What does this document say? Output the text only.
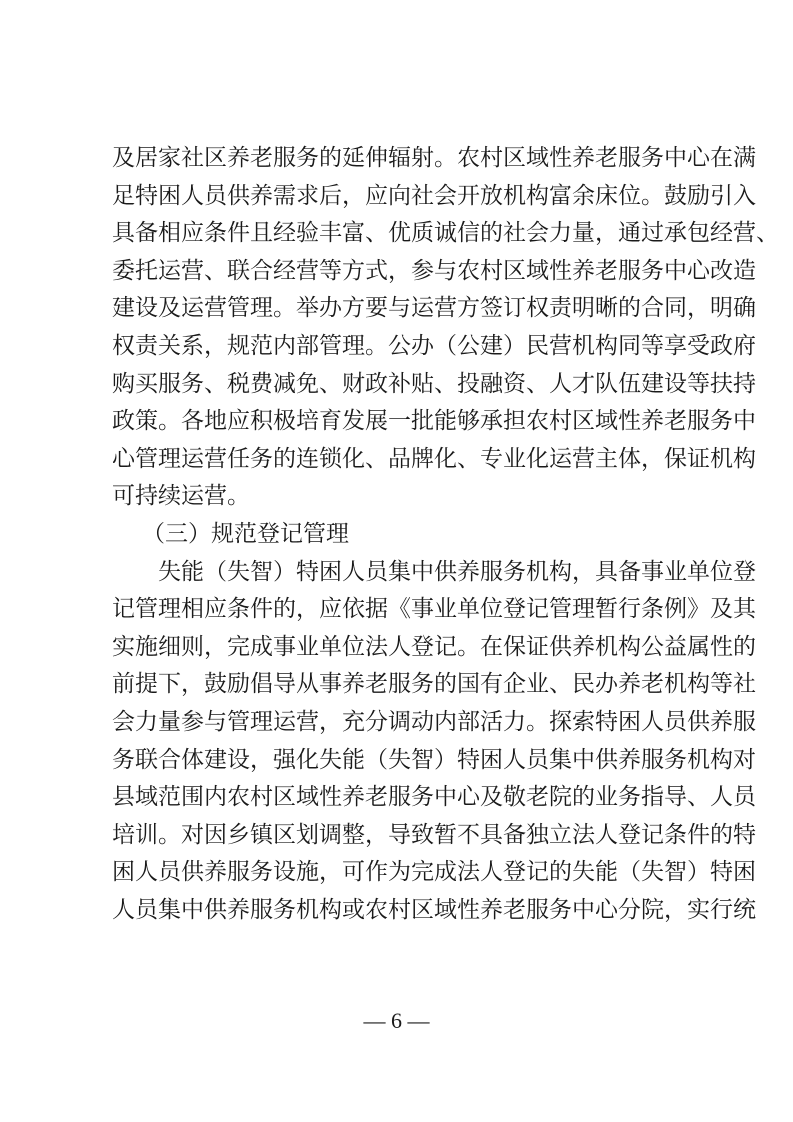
及居家社区养老服务的延伸辐射。农村区域性养老服务中心在满
足特困人员供养需求后，应向社会开放机构富余床位。鼓励引入
具备相应条件且经验丰富、优质诚信的社会力量，通过承包经营、
委托运营、联合经营等方式，参与农村区域性养老服务中心改造
建设及运营管理。举办方要与运营方签订权责明晰的合同，明确
权责关系，规范内部管理。公办（公建）民营机构同等享受政府
购买服务、税费减免、财政补贴、投融资、人才队伍建设等扶持
政策。各地应积极培育发展一批能够承担农村区域性养老服务中
心管理运营任务的连锁化、品牌化、专业化运营主体，保证机构
可持续运营。
（三）规范登记管理
失能（失智）特困人员集中供养服务机构，具备事业单位登
记管理相应条件的，应依据《事业单位登记管理暂行条例》及其
实施细则，完成事业单位法人登记。在保证供养机构公益属性的
前提下，鼓励倡导从事养老服务的国有企业、民办养老机构等社
会力量参与管理运营，充分调动内部活力。探索特困人员供养服
务联合体建设，强化失能（失智）特困人员集中供养服务机构对
县域范围内农村区域性养老服务中心及敬老院的业务指导、人员
培训。对因乡镇区划调整，导致暂不具备独立法人登记条件的特
困人员供养服务设施，可作为完成法人登记的失能（失智）特困
人员集中供养服务机构或农村区域性养老服务中心分院，实行统
— 6 —
